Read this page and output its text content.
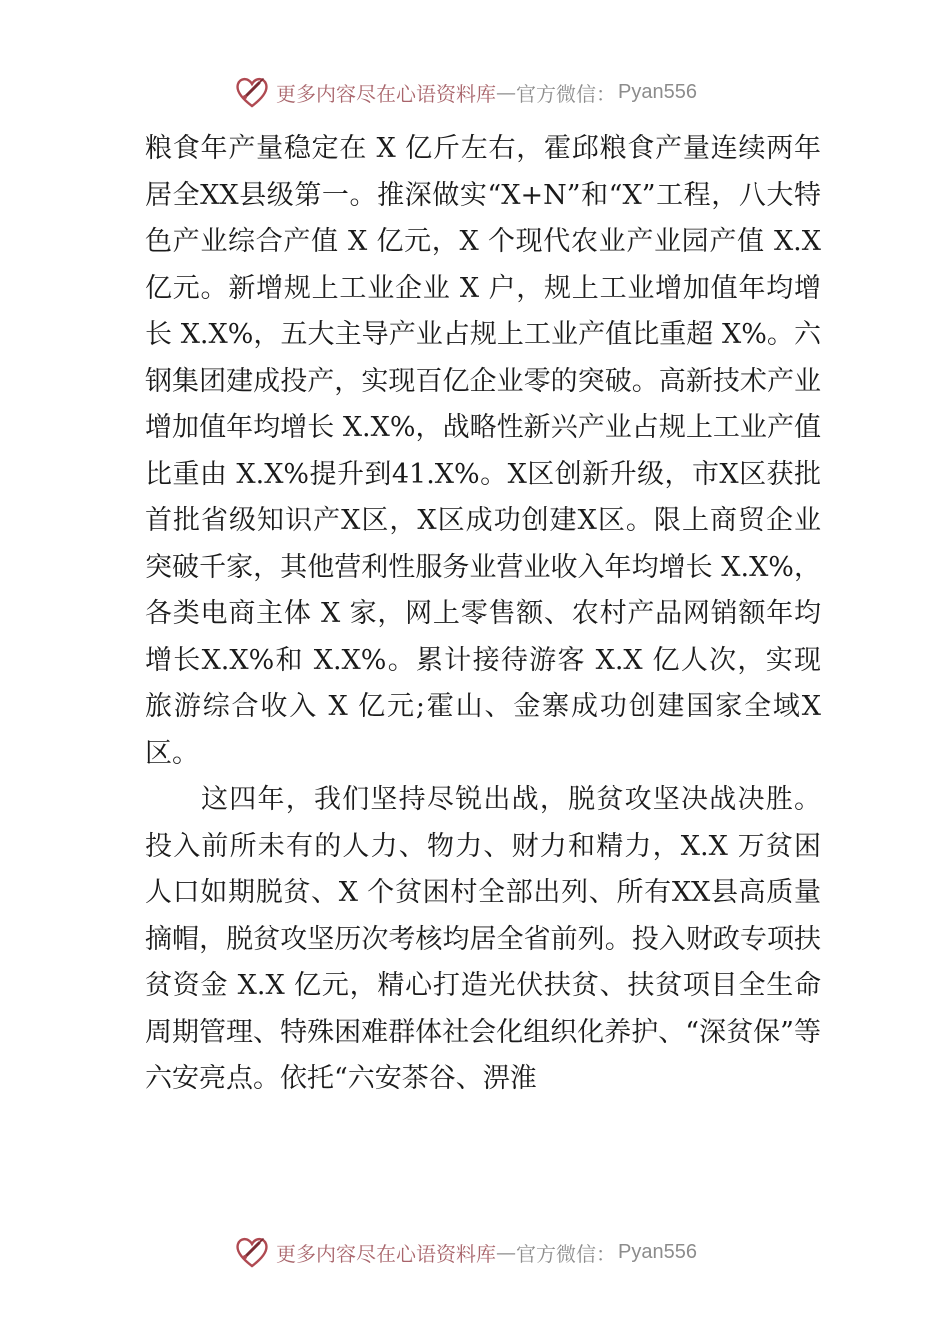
更多内容尽在心语资料库 — 官方微信： Pyan556

粮食年产量稳定在 X 亿斤左右，霍邱粮食产量连续两年居全XX县级第一。推深做实“X+N”和“X”工程，八大特色产业综合产值 X 亿元，X 个现代农业产业园产值 X.X 亿元。新增规上工业企业 X 户，规上工业增加值年均增长 X.X%，五大主导产业占规上工业产值比重超 X%。六钢集团建成投产，实现百亿企业零的突破。高新技术产业增加值年均增长 X.X%，战略性新兴产业占规上工业产值比重由 X.X%提升到41.X%。X区创新升级，市X区获批首批省级知识产X区，X区成功创建X区。限上商贸企业突破千家，其他营利性服务业营业收入年均增长 X.X%，各类电商主体 X 家，网上零售额、农村产品网销额年均增长X.X%和 X.X%。累计接待游客 X.X 亿人次，实现旅游综合收入 X 亿元;霍山、金寨成功创建国家全域X区。

这四年，我们坚持尽锐出战，脱贫攻坚决战决胜。投入前所未有的人力、物力、财力和精力，X.X 万贫困人口如期脱贫、X 个贫困村全部出列、所有XX县高质量摘帽，脱贫攻坚历次考核均居全省前列。投入财政专项扶贫资金 X.X 亿元，精心打造光伏扶贫、扶贫项目全生命周期管理、特殊困难群体社会化组织化养护、“深贫保”等六安亮点。依托“六安茶谷、淠淮

更多内容尽在心语资料库 — 官方微信： Pyan556
